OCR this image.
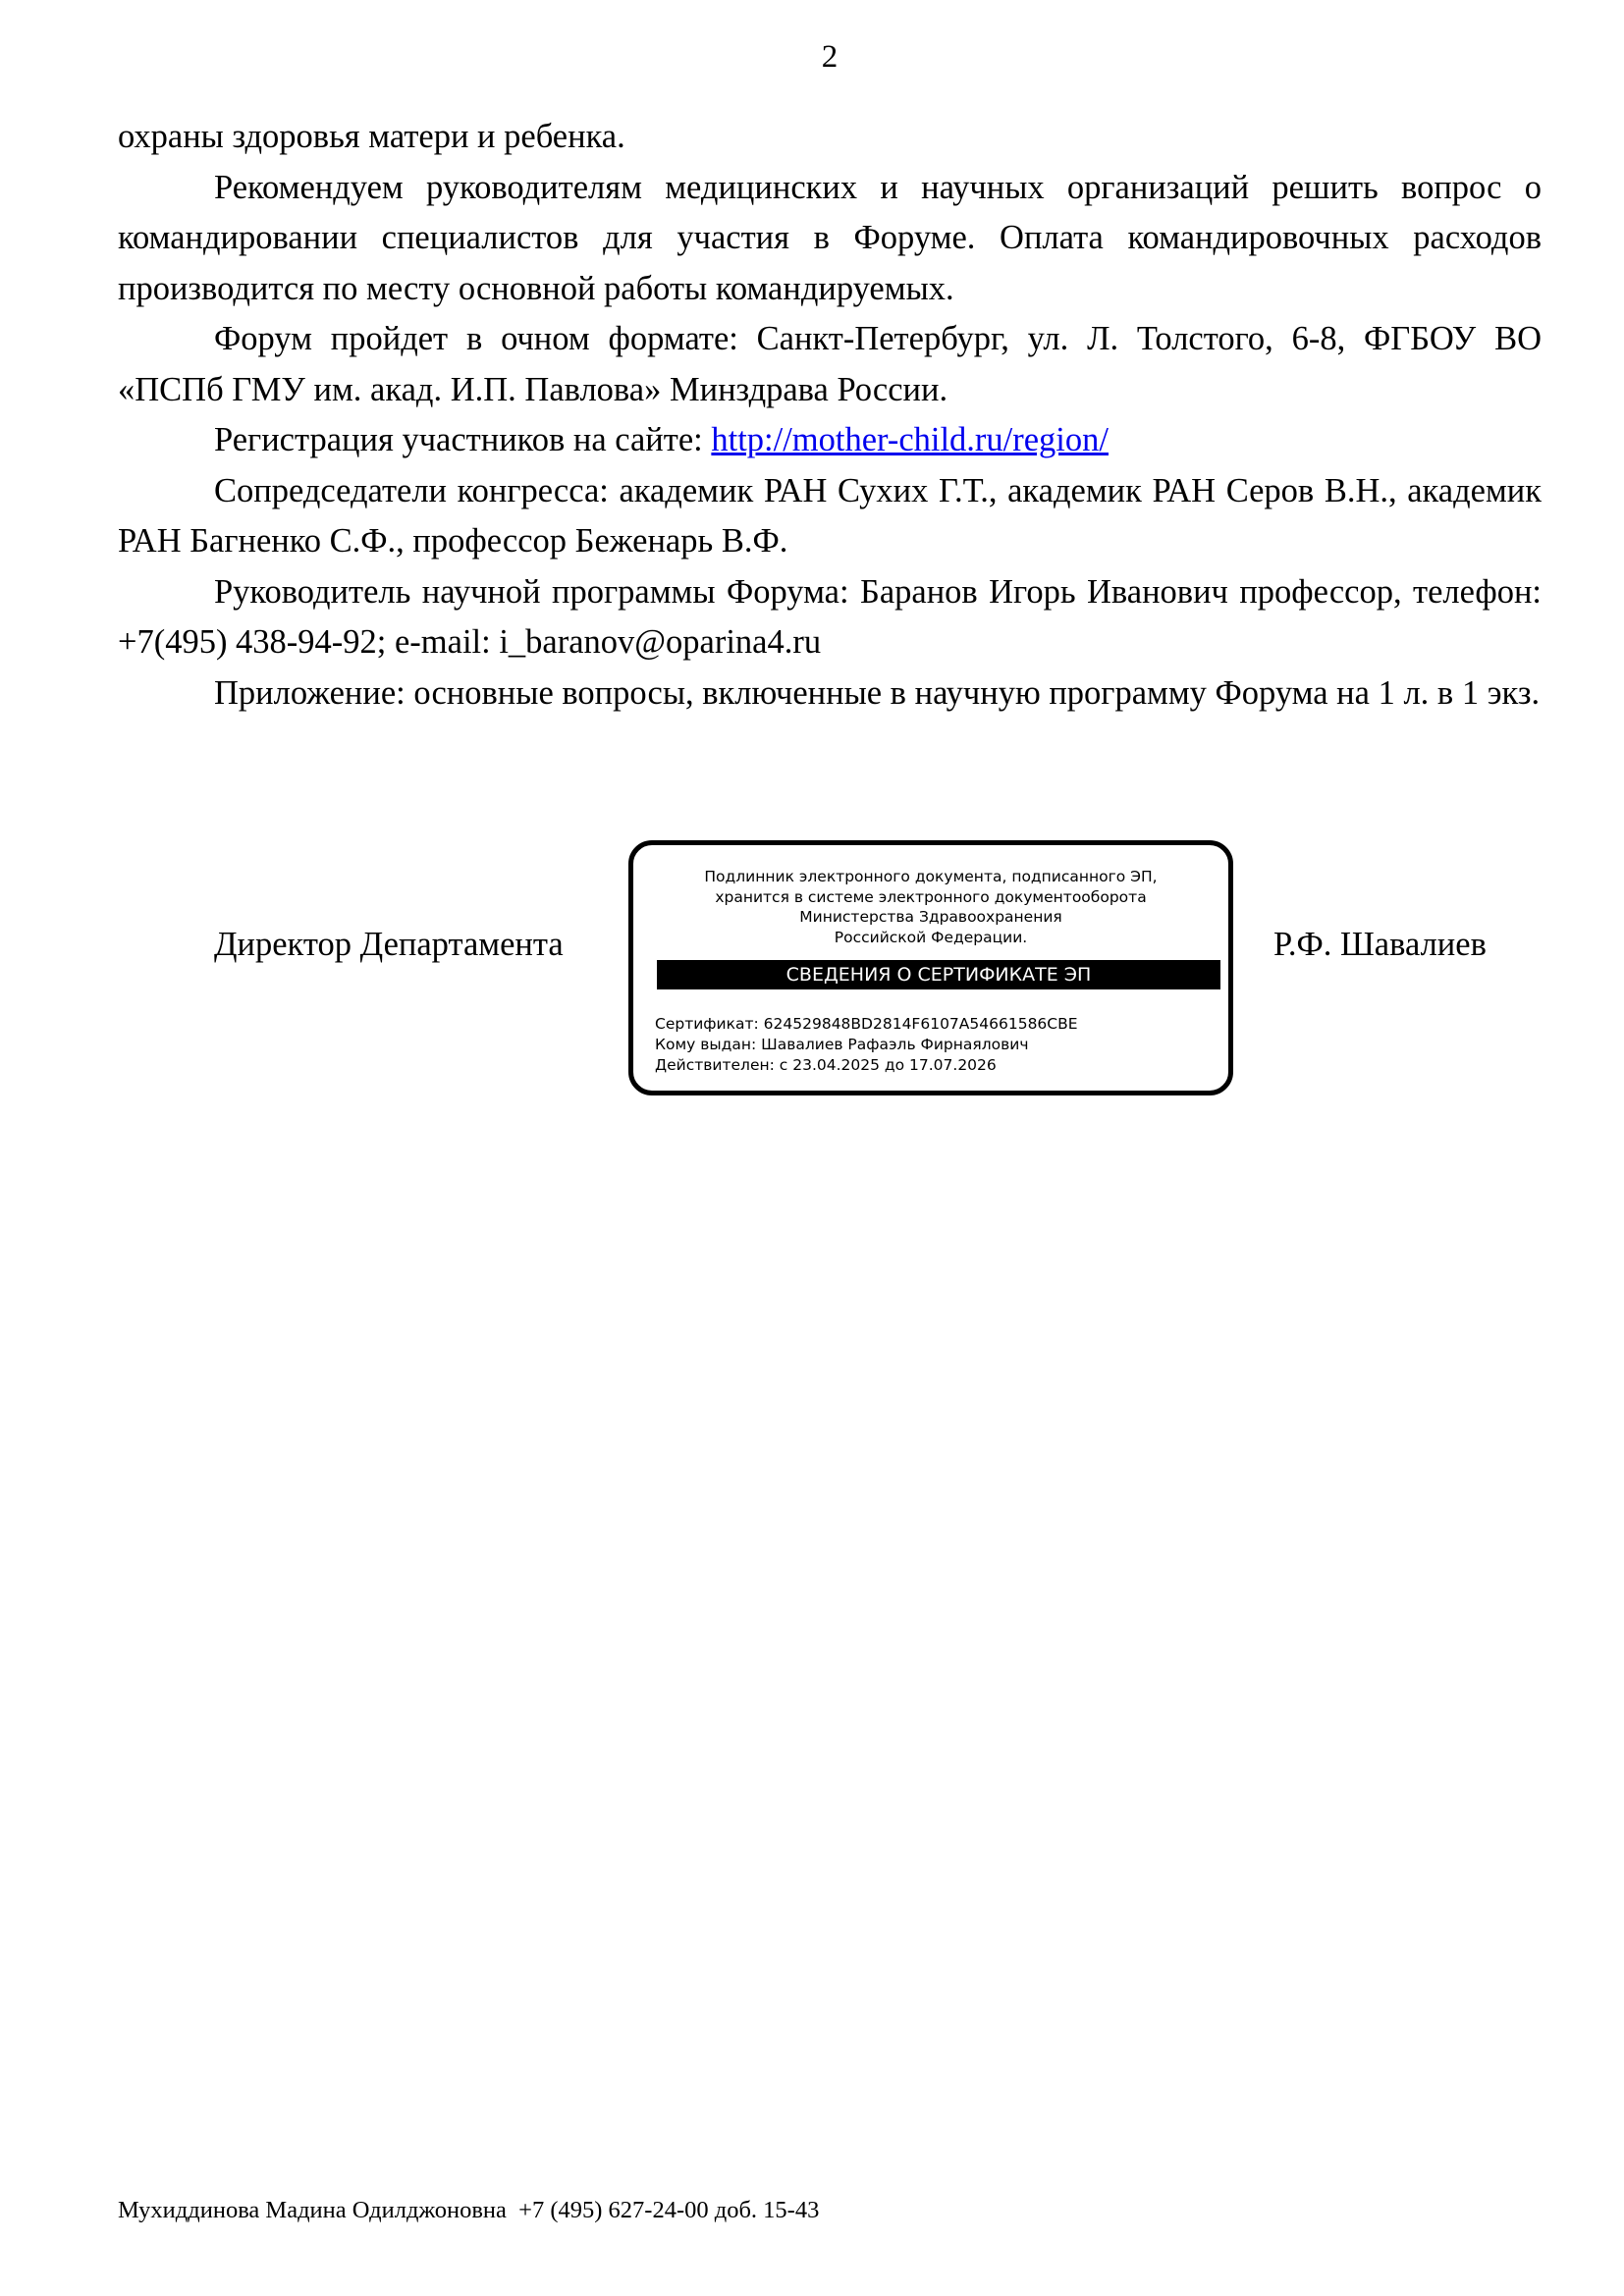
2

охраны здоровья матери и ребенка.

Рекомендуем руководителям медицинских и научных организаций решить вопрос о командировании специалистов для участия в Форуме. Оплата командировочных расходов производится по месту основной работы командируемых.

Форум пройдет в очном формате: Санкт-Петербург, ул. Л. Толстого, 6-8, ФГБОУ ВО «ПСПб ГМУ им. акад. И.П. Павлова» Минздрава России.

Регистрация участников на сайте: http://mother-child.ru/region/

Сопредседатели конгресса: академик РАН Сухих Г.Т., академик РАН Серов В.Н., академик РАН Багненко С.Ф., профессор Беженарь В.Ф.

Руководитель научной программы Форума: Баранов Игорь Иванович профессор, телефон: +7(495) 438-94-92; e-mail: i_baranov@oparina4.ru

Приложение: основные вопросы, включенные в научную программу Форума на 1 л. в 1 экз.

Директор Департамента
Подлинник электронного документа, подписанного ЭП,
хранится в системе электронного документооборота
Министерства Здравоохранения
Российской Федерации.
СВЕДЕНИЯ О СЕРТИФИКАТЕ ЭП
Сертификат: 624529848BD2814F6107A54661586CBE
Кому выдан: Шавалиев Рафаэль Фирнаялович
Действителен: с 23.04.2025 до 17.07.2026
Р.Ф. Шавалиев
Мухиддинова Мадина Одилджоновна  +7 (495) 627-24-00 доб. 15-43
